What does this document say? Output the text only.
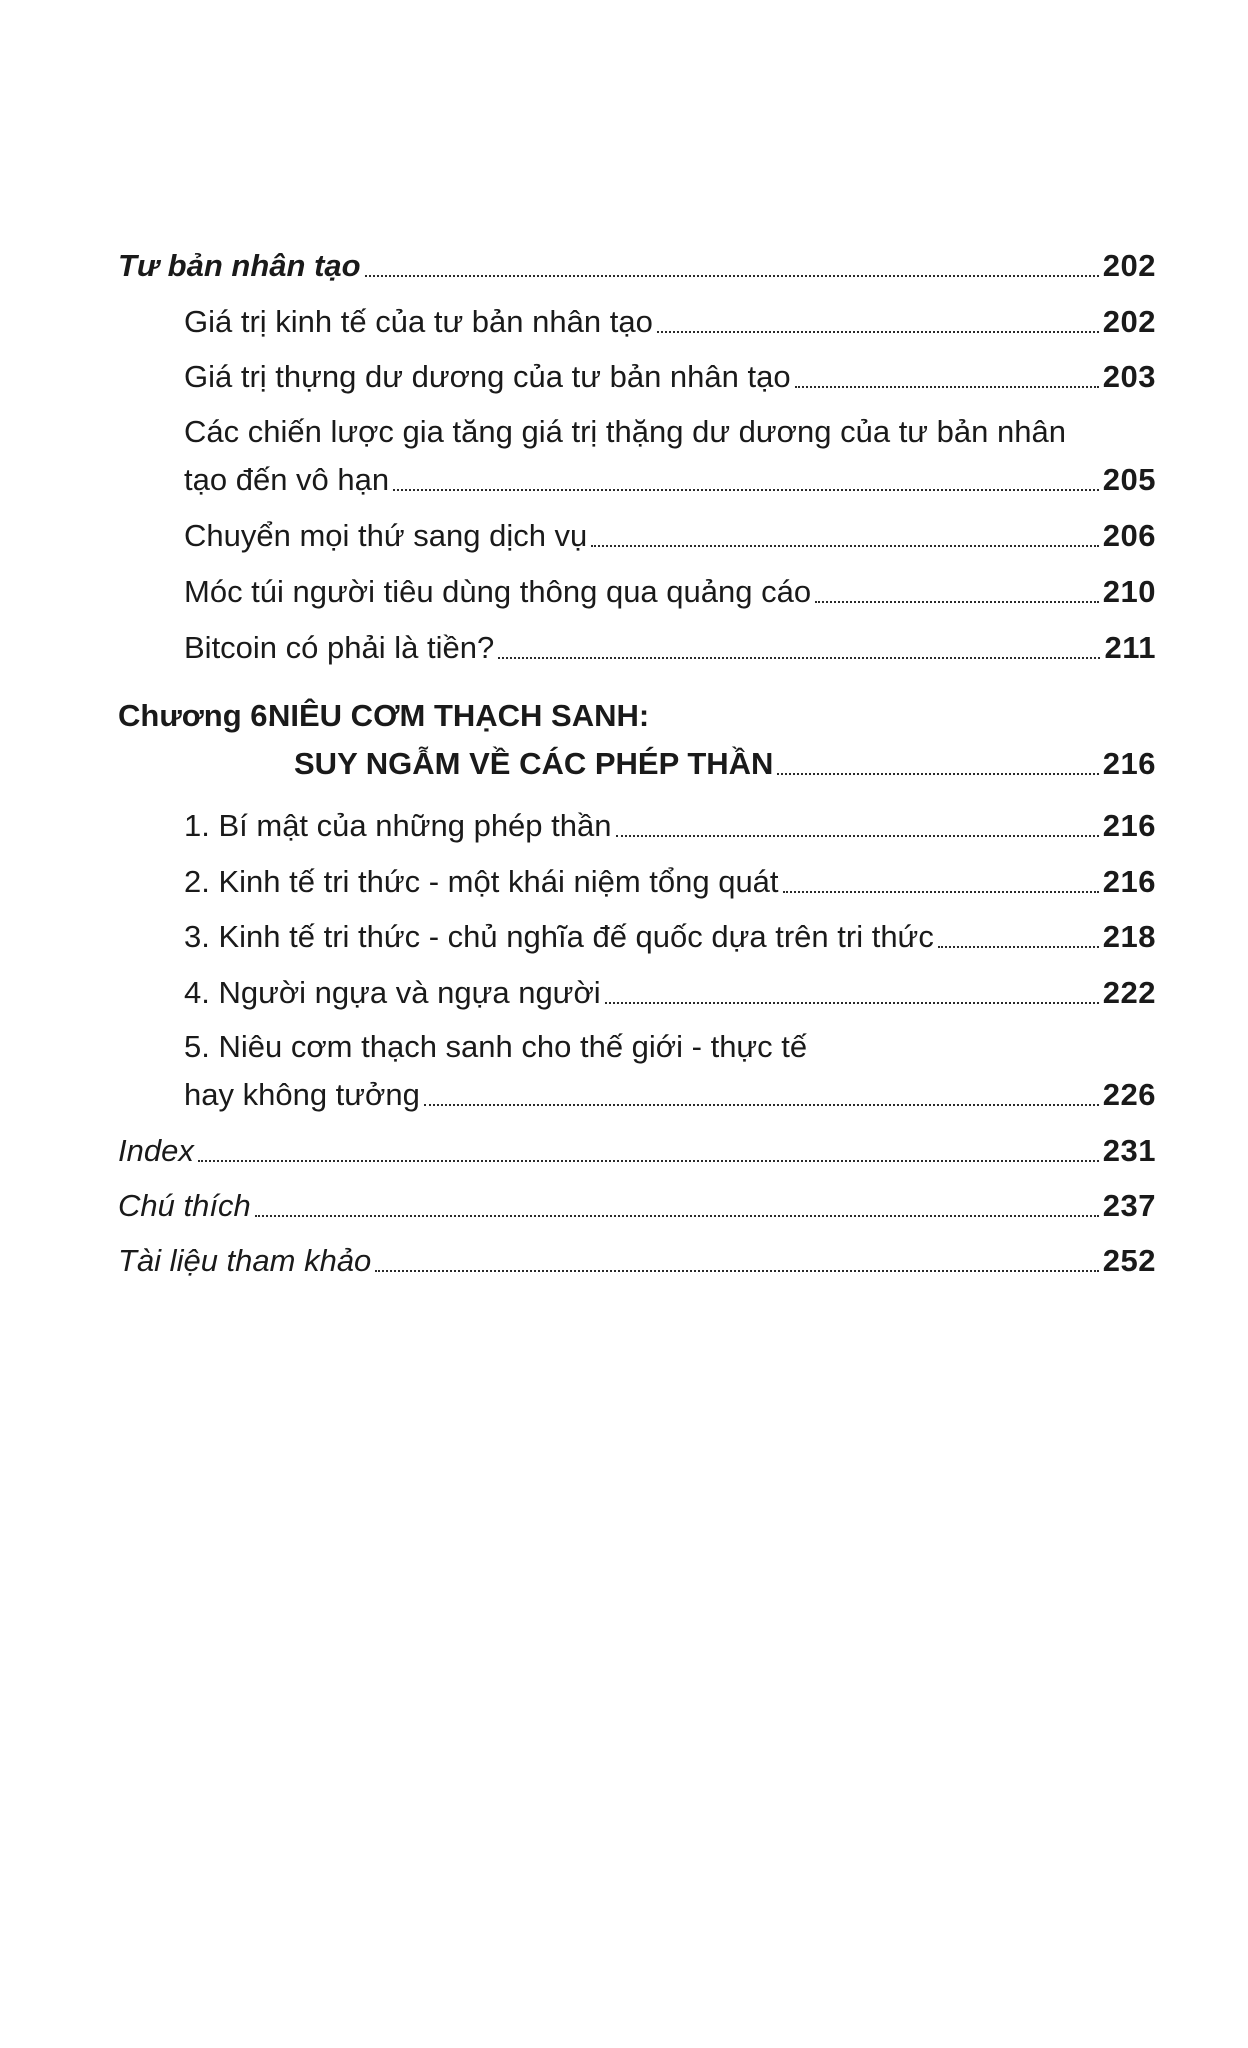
Tư bản nhân tạo	202
Giá trị kinh tế của tư bản nhân tạo	202
Giá trị thựng dư dương của tư bản nhân tạo	203
Các chiến lược gia tăng giá trị thặng dư dương của tư bản nhân
tạo đến vô hạn	205
Chuyển mọi thứ sang dịch vụ	206
Móc túi người tiêu dùng thông qua quảng cáo	210
Bitcoin có phải là tiền?	211
Chương 6.
NIÊU CƠM THẠCH SANH:
SUY NGẪM VỀ CÁC PHÉP THẦN	216
1. Bí mật của những phép thần	216
2. Kinh tế tri thức - một khái niệm tổng quát	216
3. Kinh tế tri thức - chủ nghĩa đế quốc dựa trên tri thức	218
4. Người ngựa và ngựa người	222
5. Niêu cơm thạch sanh cho thế giới - thực tế
hay không tưởng	226
Index	231
Chú thích	237
Tài liệu tham khảo	252
